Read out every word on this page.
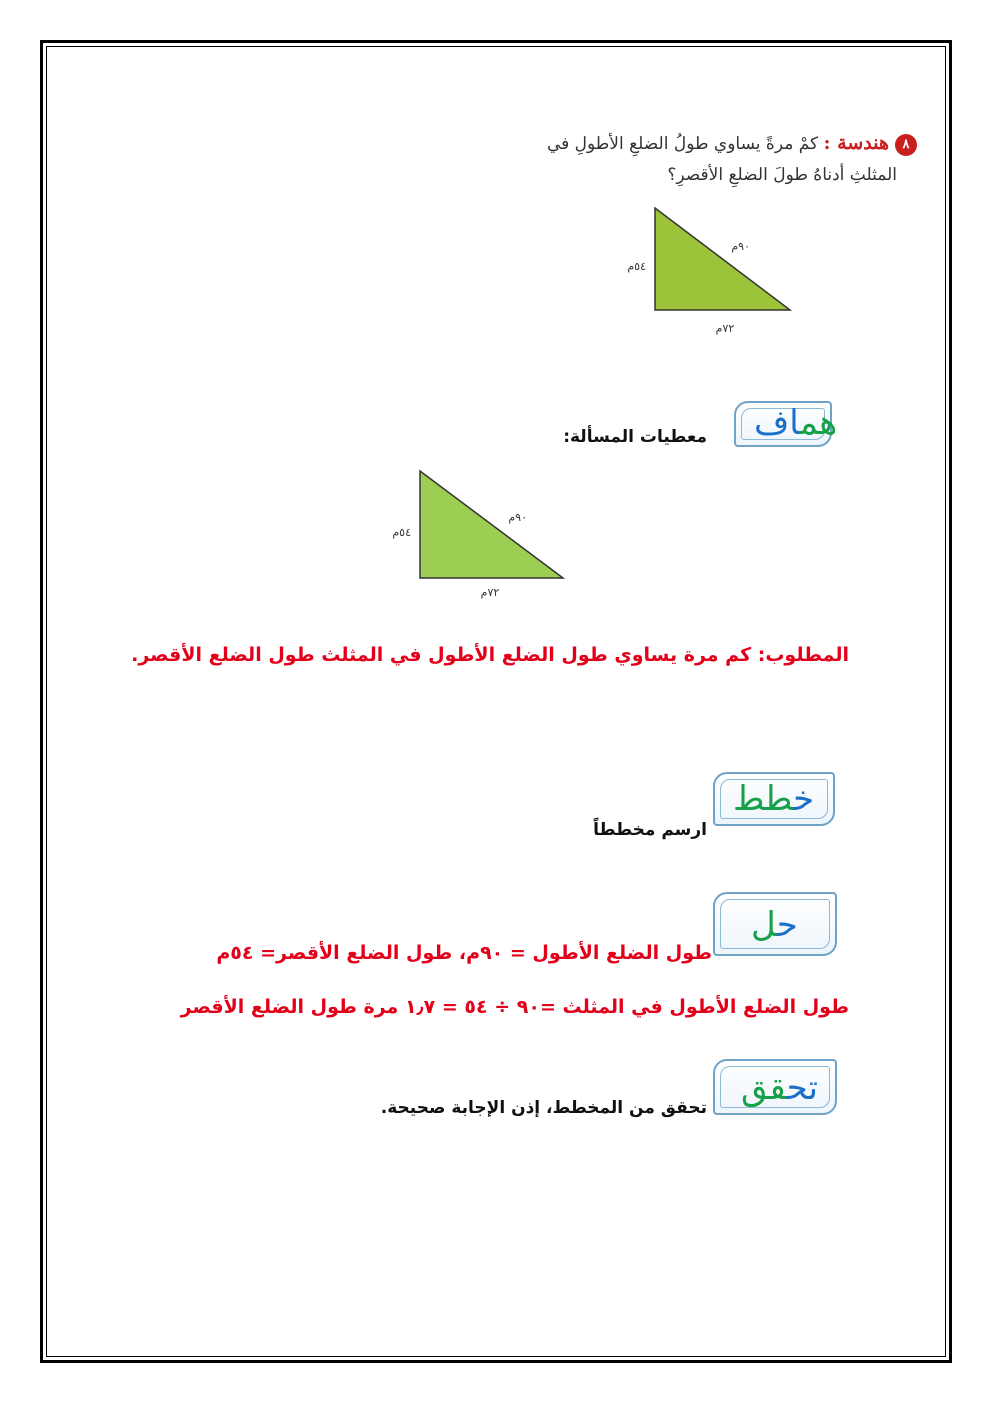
٨هندسة : كمْ مرةً يساوي طولُ الضلعِ الأطولِ في
المثلثِ أدناهُ طولَ الضلعِ الأقصرِ؟
٩٠م
٥٤م
٧٢م
هماف
معطيات المسألة:
٩٠م
٥٤م
٧٢م
المطلوب: كم مرة يساوي طول الضلع الأطول في المثلث طول الضلع الأقصر.
خطط
ارسم مخططاً
حل
طول الضلع الأطول = ٩٠م، طول الضلع الأقصر= ٥٤م
طول الضلع الأطول في المثلث =٩٠ ÷ ٥٤ = ١٫٧ مرة طول الضلع الأقصر
تحقق
تحقق من المخطط، إذن الإجابة صحيحة.
